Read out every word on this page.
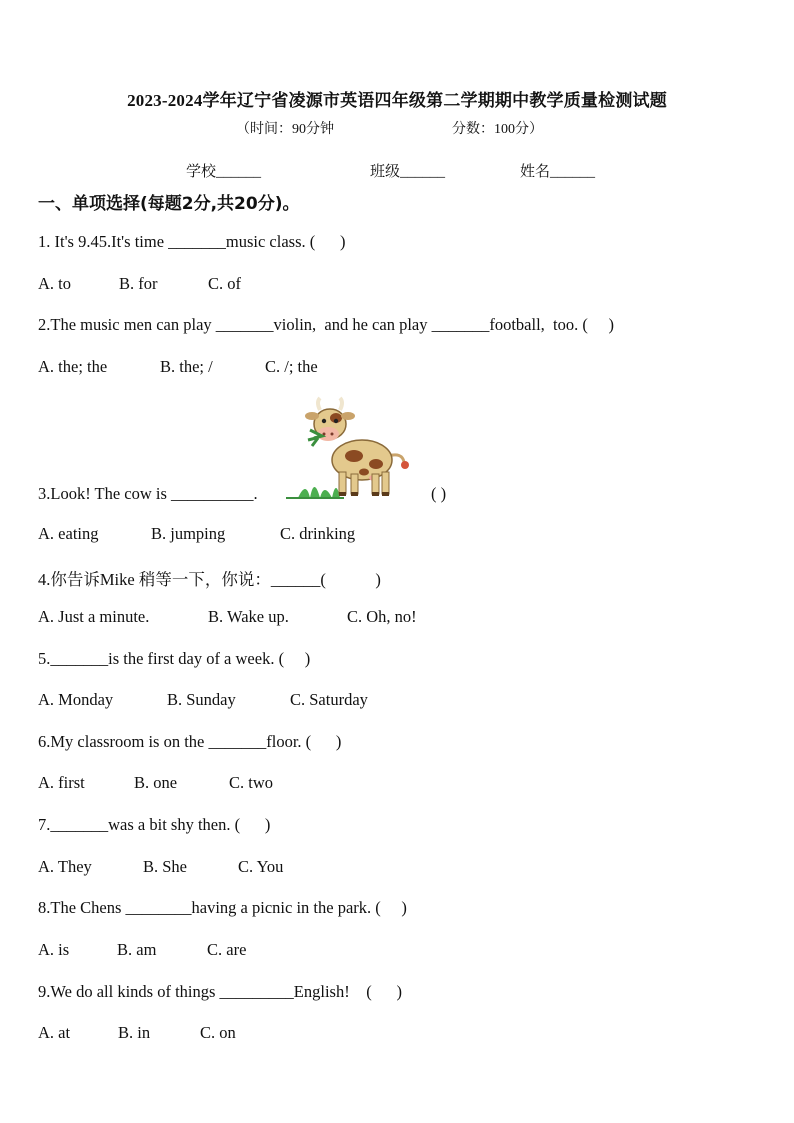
2023-2024学年辽宁省凌源市英语四年级第二学期期中教学质量检测试题
（时间：90分钟	分数：100分）
学校______	班级______	姓名______
一、单项选择(每题2分,共20分)。
1. It's 9.45.It's time _______music class. (      )
A. to	B. for	C. of
2.The music men can play _______violin,  and he can play _______football,  too. (     )
A. the; the	B. the; /	C. /; the
3.Look! The cow is __________.	( )
A. eating	B. jumping	C. drinking
4.你告诉Mike 稍等一下，你说：______(            )
A. Just a minute.	B. Wake up.	C. Oh, no!
5._______is the first day of a week. (     )
A. Monday	B. Sunday	C. Saturday
6.My classroom is on the _______floor. (      )
A. first	B. one	C. two
7._______was a bit shy then. (      )
A. They	B. She	C. You
8.The Chens ________having a picnic in the park. (     )
A. is	B. am	C. are
9.We do all kinds of things _________English!    (      )
A. at	B. in	C. on
